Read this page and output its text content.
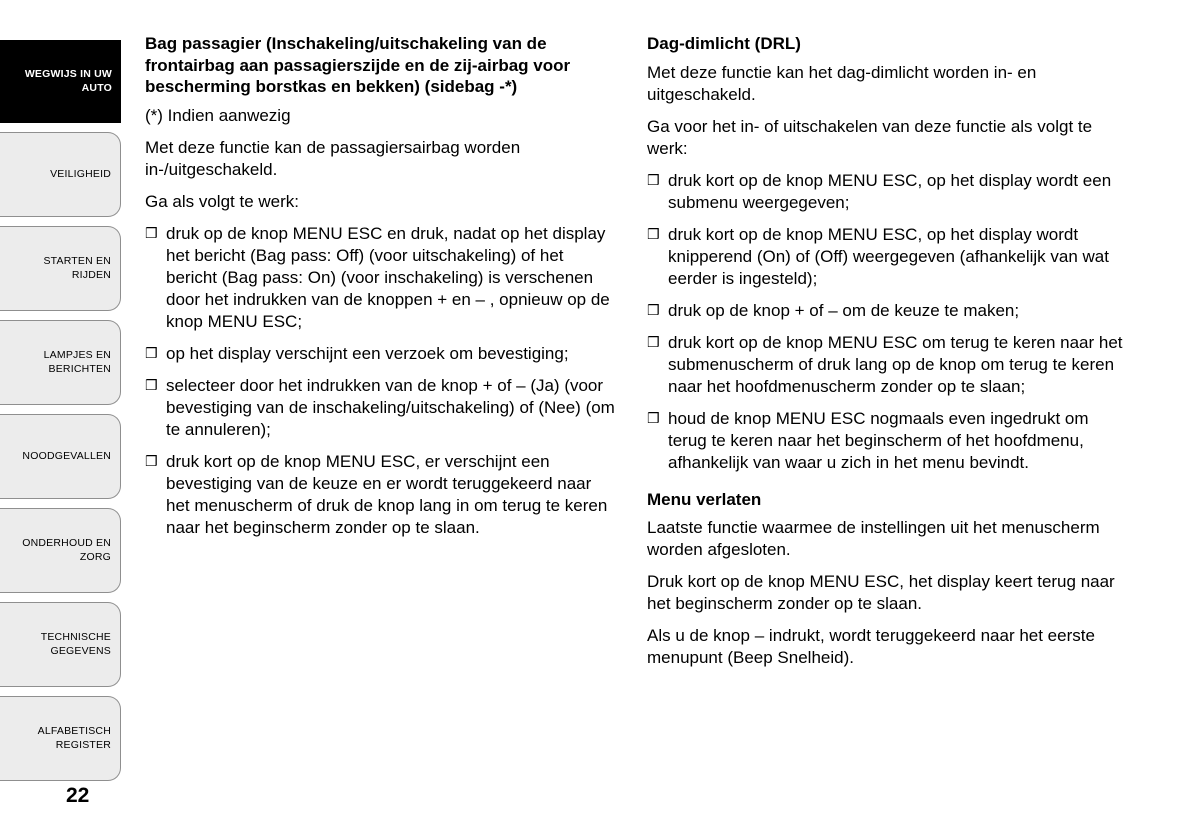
WEGWIJS IN UW AUTO
VEILIGHEID
STARTEN EN RIJDEN
LAMPJES EN BERICHTEN
NOODGEVALLEN
ONDERHOUD EN ZORG
TECHNISCHE GEGEVENS
ALFABETISCH REGISTER
22
Bag passagier (Inschakeling/uitschakeling van de frontairbag aan passagierszijde en de zij-airbag voor bescherming borstkas en bekken) (sidebag -*)

(*) Indien aanwezig

Met deze functie kan de passagiersairbag worden in-/uitgeschakeld.

Ga als volgt te werk:

❒ druk op de knop MENU ESC en druk, nadat op het display het bericht (Bag pass: Off) (voor uitschakeling) of het bericht (Bag pass: On) (voor inschakeling) is verschenen door het indrukken van de knoppen + en – , opnieuw op de knop MENU ESC;
❒ op het display verschijnt een verzoek om bevestiging;
❒ selecteer door het indrukken van de knop + of – (Ja) (voor bevestiging van de inschakeling/uitschakeling) of (Nee) (om te annuleren);
❒ druk kort op de knop MENU ESC, er verschijnt een bevestiging van de keuze en er wordt teruggekeerd naar het menuscherm of druk de knop lang in om terug te keren naar het beginscherm zonder op te slaan.
Dag-dimlicht (DRL)

Met deze functie kan het dag-dimlicht worden in- en uitgeschakeld.

Ga voor het in- of uitschakelen van deze functie als volgt te werk:

❒ druk kort op de knop MENU ESC, op het display wordt een submenu weergegeven;
❒ druk kort op de knop MENU ESC, op het display wordt knipperend (On) of (Off) weergegeven (afhankelijk van wat eerder is ingesteld);
❒ druk op de knop + of – om de keuze te maken;
❒ druk kort op de knop MENU ESC om terug te keren naar het submenuscherm of druk lang op de knop om terug te keren naar het hoofdmenuscherm zonder op te slaan;
❒ houd de knop MENU ESC nogmaals even ingedrukt om terug te keren naar het beginscherm of het hoofdmenu, afhankelijk van waar u zich in het menu bevindt.
Menu verlaten

Laatste functie waarmee de instellingen uit het menuscherm worden afgesloten.

Druk kort op de knop MENU ESC, het display keert terug naar het beginscherm zonder op te slaan.

Als u de knop – indrukt, wordt teruggekeerd naar het eerste menupunt (Beep Snelheid).
